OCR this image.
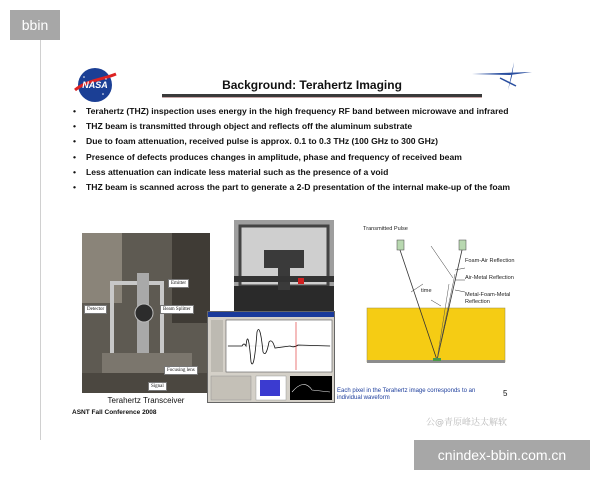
bbin
NASA	Background: Terahertz Imaging
• Terahertz (THZ) inspection uses energy in the high frequency RF band between microwave and infrared
• THZ beam is transmitted through object and reflects off the aluminum substrate
• Due to foam attenuation, received pulse is approx. 0.1 to 0.3 THz (100 GHz to 300 GHz)
• Presence of defects produces changes in amplitude, phase and frequency of received beam
• Less attenuation can indicate less material such as the presence of a void
• THZ beam is scanned across the part to generate a 2-D presentation of the internal make-up of the foam
Emitter
Detector	Beam Splitter
Focusing lens
Signal
Terahertz Transceiver
ASNT Fall Conference 2008
Each pixel in the Terahertz image corresponds to an individual waveform	5
Transmitted Pulse
Foam-Air Reflection
Air-Metal Reflection
Metal-Foam-Metal Reflection
time
公@青原峰达太解软
cnindex-bbin.com.cn
